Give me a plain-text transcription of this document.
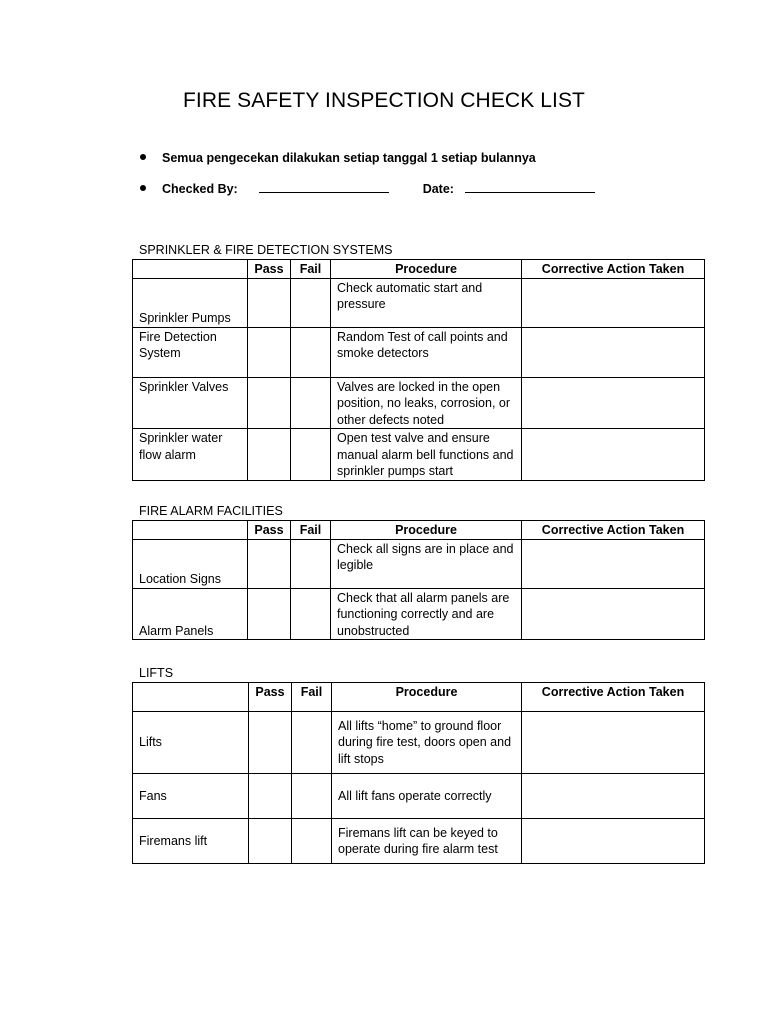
FIRE SAFETY INSPECTION CHECK LIST
Semua pengecekan dilakukan setiap tanggal 1 setiap bulannya
Checked By:	Date:
SPRINKLER & FIRE DETECTION SYSTEMS
	Pass	Fail	Procedure	Corrective Action Taken
Sprinkler Pumps			Check automatic start and pressure	
Fire Detection System			Random Test of call points and smoke detectors	
Sprinkler Valves			Valves are locked in the open position, no leaks, corrosion, or other defects noted	
Sprinkler water flow alarm			Open test valve and ensure manual alarm bell functions and sprinkler pumps start	
FIRE ALARM FACILITIES
	Pass	Fail	Procedure	Corrective Action Taken
Location Signs			Check all signs are in place and legible	
Alarm Panels			Check that all alarm panels are functioning correctly and are unobstructed	
LIFTS
	Pass	Fail	Procedure	Corrective Action Taken
Lifts			All lifts “home” to ground floor during fire test, doors open and lift stops	
Fans			All lift fans operate correctly	
Firemans lift			Firemans lift can be keyed to operate during fire alarm test	
